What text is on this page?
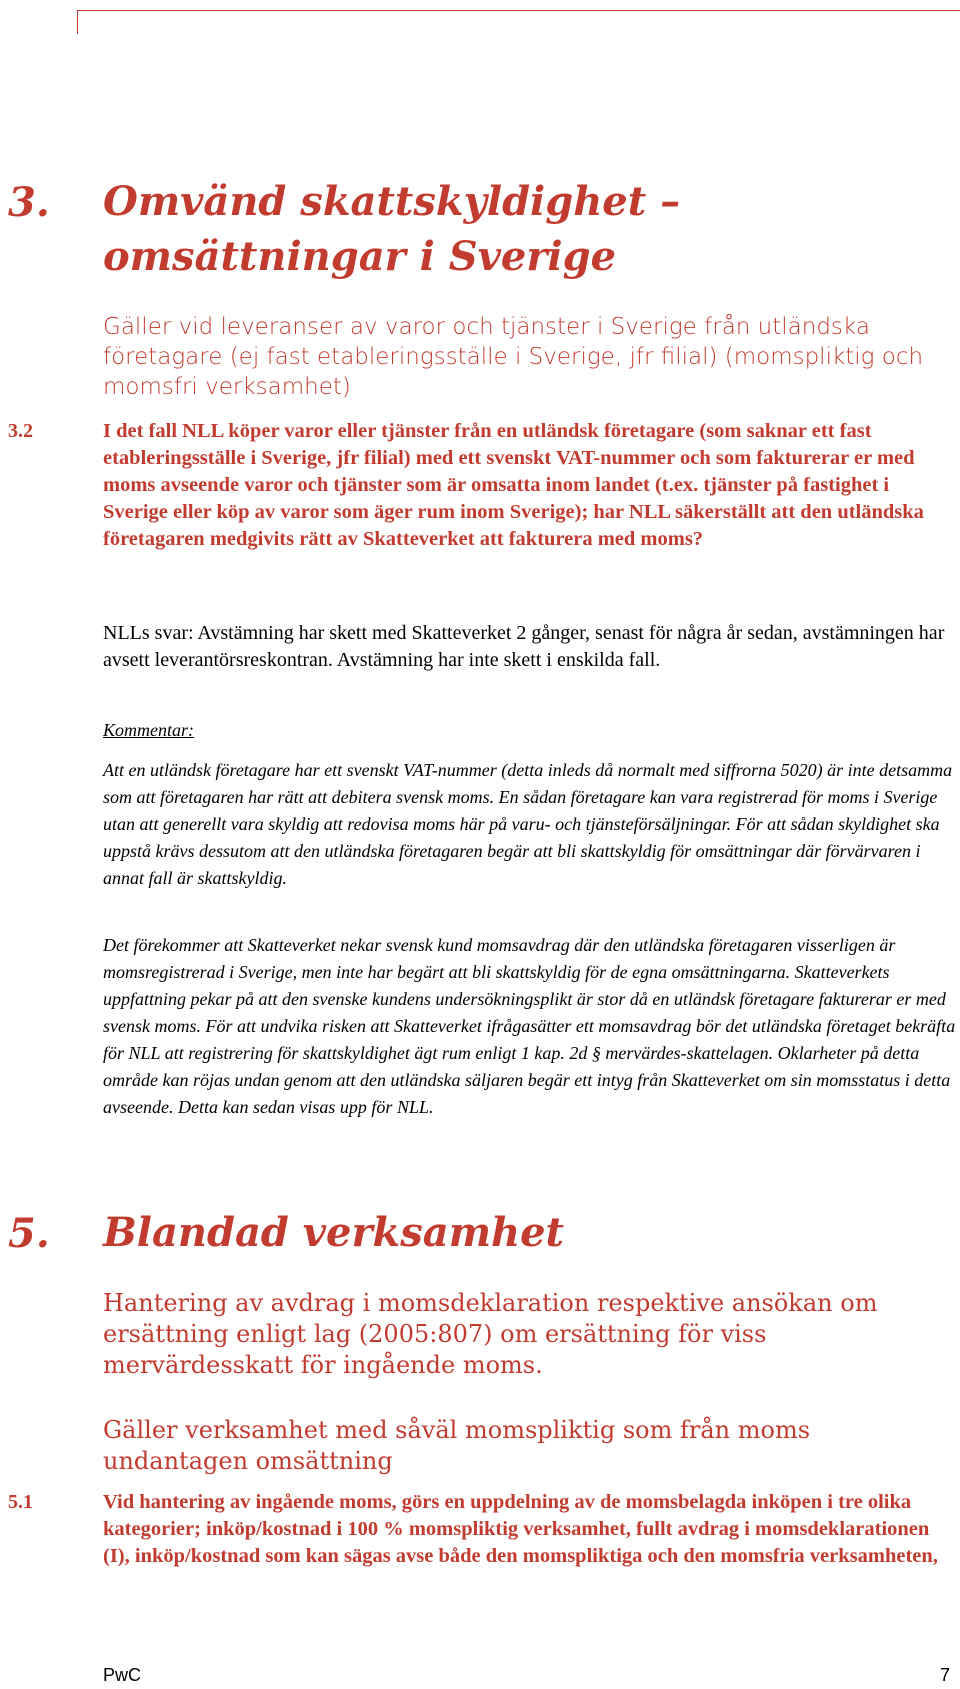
3. Omvänd skattskyldighet –
omsättningar i Sverige

Gäller vid leveranser av varor och tjänster i Sverige från utländska företagare (ej fast etableringsställe i Sverige, jfr filial) (momspliktig och momsfri verksamhet)

3.2	I det fall NLL köper varor eller tjänster från en utländsk företagare (som saknar ett fast etableringsställe i Sverige, jfr filial) med ett svenskt VAT-nummer och som fakturerar er med moms avseende varor och tjänster som är omsatta inom landet (t.ex. tjänster på fastighet i Sverige eller köp av varor som äger rum inom Sverige); har NLL säkerställt att den utländska företagaren medgivits rätt av Skatteverket att fakturera med moms?

NLLs svar: Avstämning har skett med Skatteverket 2 gånger, senast för några år sedan, avstämningen har avsett leverantörsreskontran. Avstämning har inte skett i enskilda fall.

Kommentar:

Att en utländsk företagare har ett svenskt VAT-nummer (detta inleds då normalt med siffrorna 5020) är inte detsamma som att företagaren har rätt att debitera svensk moms. En sådan företagare kan vara registrerad för moms i Sverige utan att generellt vara skyldig att redovisa moms här på varu- och tjänsteförsäljningar. För att sådan skyldighet ska uppstå krävs dessutom att den utländska företagaren begär att bli skattskyldig för omsättningar där förvärvaren i annat fall är skattskyldig.

Det förekommer att Skatteverket nekar svensk kund momsavdrag där den utländska företagaren visserligen är momsregistrerad i Sverige, men inte har begärt att bli skattskyldig för de egna omsättningarna. Skatteverkets uppfattning pekar på att den svenske kundens undersökningsplikt är stor då en utländsk företagare fakturerar er med svensk moms. För att undvika risken att Skatteverket ifrågasätter ett momsavdrag bör det utländska företaget bekräfta för NLL att registrering för skattskyldighet ägt rum enligt 1 kap. 2d § mervärdes-skattelagen. Oklarheter på detta område kan röjas undan genom att den utländska säljaren begär ett intyg från Skatteverket om sin momsstatus i detta avseende. Detta kan sedan visas upp för NLL.

5. Blandad verksamhet

Hantering av avdrag i momsdeklaration respektive ansökan om ersättning enligt lag (2005:807) om ersättning för viss mervärdesskatt för ingående moms.

Gäller verksamhet med såväl momspliktig som från moms undantagen omsättning

5.1	Vid hantering av ingående moms, görs en uppdelning av de momsbelagda inköpen i tre olika kategorier; inköp/kostnad i 100 % momspliktig verksamhet, fullt avdrag i momsdeklarationen (I), inköp/kostnad som kan sägas avse både den momspliktiga och den momsfria verksamheten,

PwC	7
